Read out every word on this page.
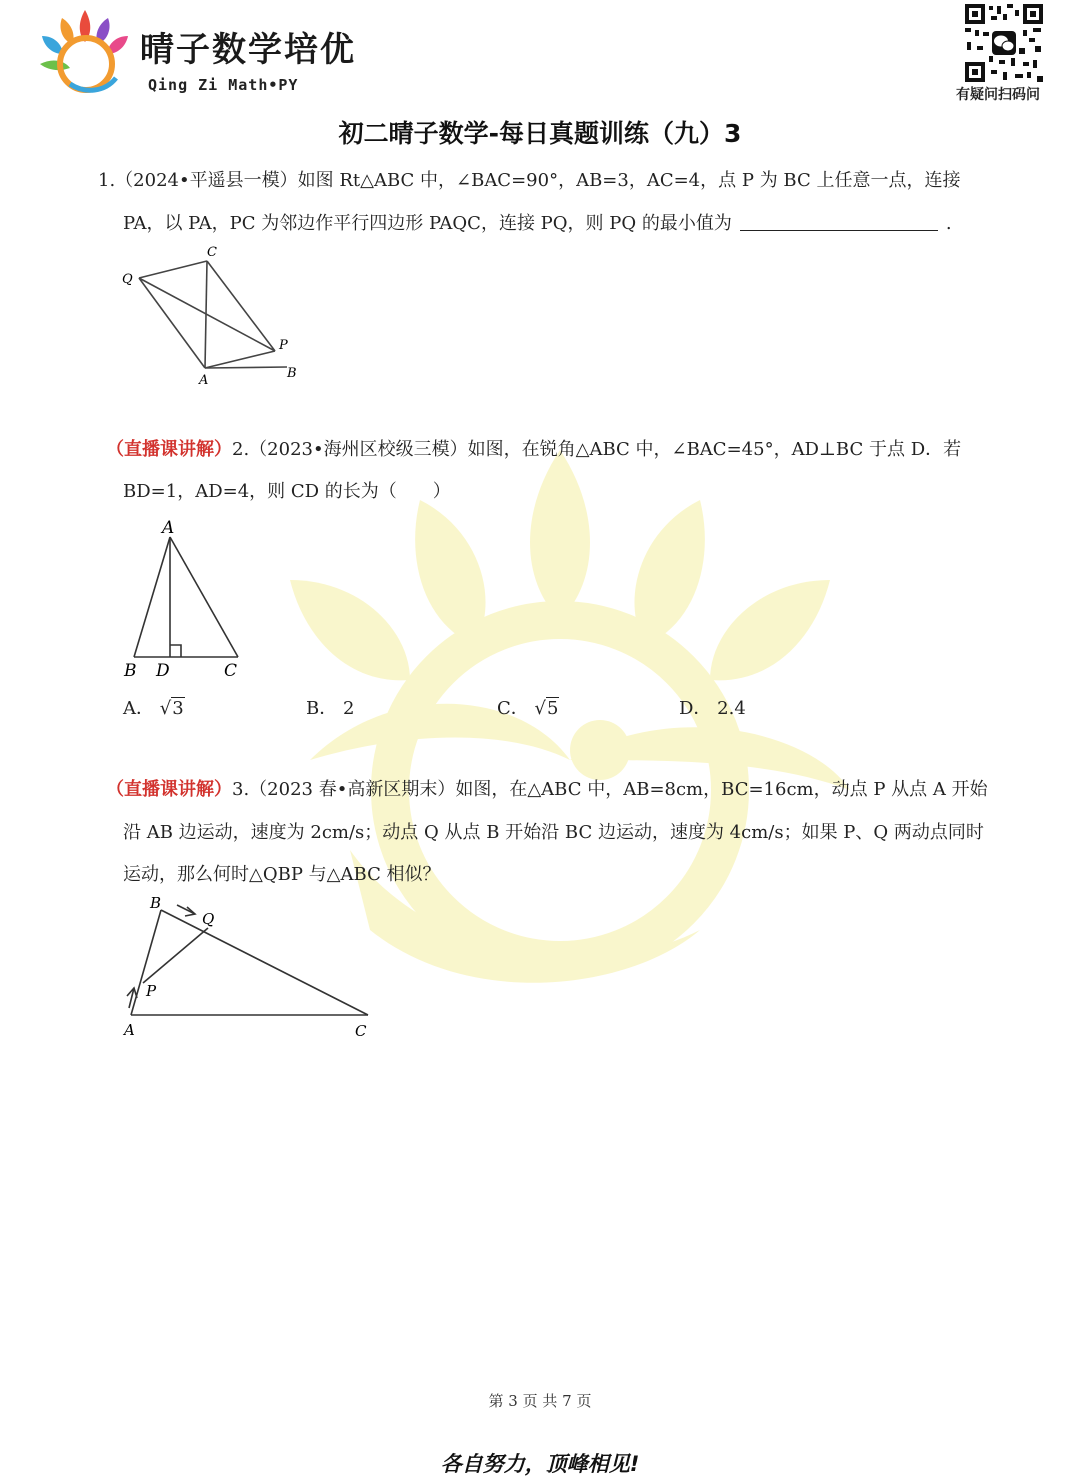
晴子数学培优
Qing Zi Math•PY
有疑问扫码问
初二晴子数学-每日真题训练（九）3
1.（2024•平遥县一模）如图 Rt△ABC 中，∠BAC=90°，AB=3，AC=4，点 P 为 BC 上任意一点，连接
PA，以 PA，PC 为邻边作平行四边形 PAQC，连接 PQ，则 PQ 的最小值为	.
Q
C
P
A	B
（直播课讲解）2.（2023•海州区校级三模）如图，在锐角△ABC 中，∠BAC=45°，AD⊥BC 于点 D．若
BD=1，AD=4，则 CD 的长为（　　）
A
B D	C
A． √3	B． 2	C． √5	D． 2.4
（直播课讲解）3.（2023 春•高新区期末）如图，在△ABC 中，AB=8cm，BC=16cm，动点 P 从点 A 开始
沿 AB 边运动，速度为 2cm/s；动点 Q 从点 B 开始沿 BC 边运动，速度为 4cm/s；如果 P、Q 两动点同时
运动，那么何时△QBP 与△ABC 相似？
B
Q
P
A	C
第 3 页 共 7 页
各自努力，顶峰相见!
